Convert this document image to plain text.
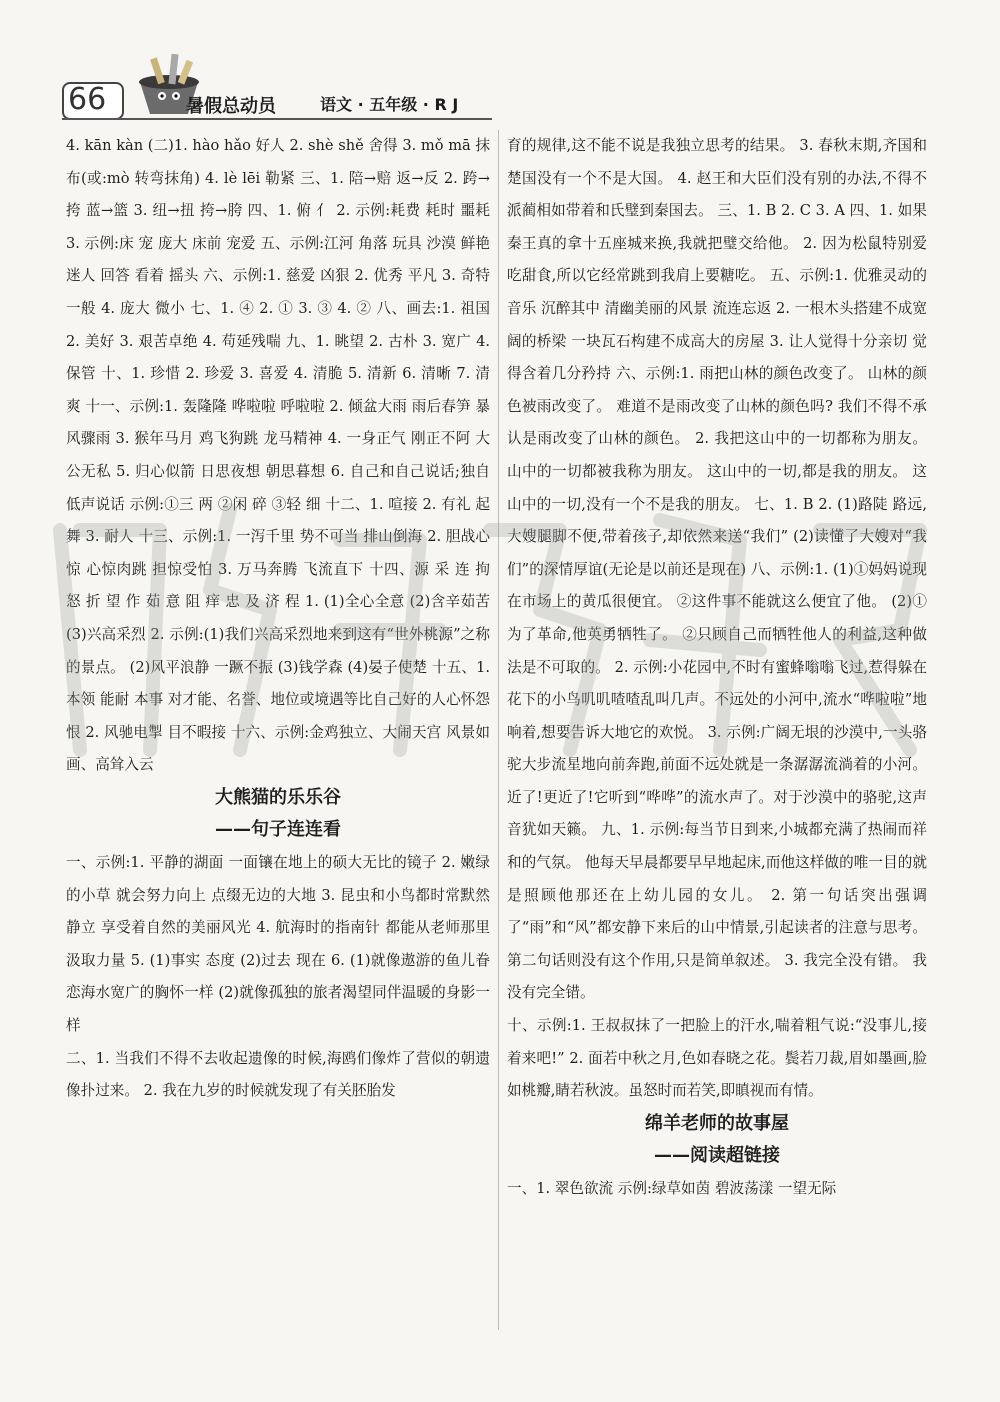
66	暑假总动员	语文 · 五年级 · R J

4. kān kàn (二)1. hào hǎo 好人 2. shè shě 舍得 3. mǒ mā 抹布(或:mò 转弯抹角) 4. lè lēi 勒紧 三、1. 陪→赔 返→反 2. 跨→挎 蓝→篮 3. 纽→扭 挎→胯 四、1. 俯 亻 2. 示例:耗费 耗时 噩耗 3. 示例:床 宠 庞大 床前 宠爱 五、示例:江河 角落 玩具 沙漠 鲜艳 迷人 回答 看着 摇头 六、示例:1. 慈爱 凶狠 2. 优秀 平凡 3. 奇特 一般 4. 庞大 微小 七、1. ④ 2. ① 3. ③ 4. ② 八、画去:1. 祖国 2. 美好 3. 艰苦卓绝 4. 苟延残喘 九、1. 眺望 2. 古朴 3. 宽广 4. 保管 十、1. 珍惜 2. 珍爱 3. 喜爱 4. 清脆 5. 清新 6. 清晰 7. 清爽 十一、示例:1. 轰隆隆 哗啦啦 呼啦啦 2. 倾盆大雨 雨后春笋 暴风骤雨 3. 猴年马月 鸡飞狗跳 龙马精神 4. 一身正气 刚正不阿 大公无私 5. 归心似箭 日思夜想 朝思暮想 6. 自己和自己说话;独自低声说话 示例:①三 两 ②闲 碎 ③轻 细 十二、1. 喧接 2. 有礼 起舞 3. 耐人 十三、示例:1. 一泻千里 势不可当 排山倒海 2. 胆战心惊 心惊肉跳 担惊受怕 3. 万马奔腾 飞流直下 十四、源 采 连 拘 怒 折 望 作 茹 意 阻 痒 忠 及 济 程 1. (1)全心全意 (2)含辛茹苦 (3)兴高采烈 2. 示例:(1)我们兴高采烈地来到这有“世外桃源”之称的景点。 (2)风平浪静 一蹶不振 (3)钱学森 (4)晏子使楚 十五、1. 本领 能耐 本事 对才能、名誉、地位或境遇等比自己好的人心怀怨恨 2. 风驰电掣 目不暇接 十六、示例:金鸡独立、大闹天宫 风景如画、高耸入云

大熊猫的乐乐谷
——句子连连看

一、示例:1. 平静的湖面 一面镶在地上的硕大无比的镜子 2. 嫩绿的小草 就会努力向上 点缀无边的大地 3. 昆虫和小鸟都时常默然静立 享受着自然的美丽风光 4. 航海时的指南针 都能从老师那里汲取力量 5. (1)事实 态度 (2)过去 现在 6. (1)就像遨游的鱼儿眷恋海水宽广的胸怀一样 (2)就像孤独的旅者渴望同伴温暖的身影一样

二、1. 当我们不得不去收起遗像的时候,海鸥们像炸了营似的朝遗像扑过来。 2. 我在九岁的时候就发现了有关胚胎发

育的规律,这不能不说是我独立思考的结果。 3. 春秋末期,齐国和楚国没有一个不是大国。 4. 赵王和大臣们没有别的办法,不得不派蔺相如带着和氏璧到秦国去。 三、1. B 2. C 3. A 四、1. 如果秦王真的拿十五座城来换,我就把璧交给他。 2. 因为松鼠特别爱吃甜食,所以它经常跳到我肩上要糖吃。 五、示例:1. 优雅灵动的音乐 沉醉其中 清幽美丽的风景 流连忘返 2. 一根木头搭建不成宽阔的桥梁 一块瓦石构建不成高大的房屋 3. 让人觉得十分亲切 觉得含着几分矜持 六、示例:1. 雨把山林的颜色改变了。 山林的颜色被雨改变了。 难道不是雨改变了山林的颜色吗? 我们不得不承认是雨改变了山林的颜色。 2. 我把这山中的一切都称为朋友。 山中的一切都被我称为朋友。 这山中的一切,都是我的朋友。 这山中的一切,没有一个不是我的朋友。 七、1. B 2. (1)路陡 路远,大嫂腿脚不便,带着孩子,却依然来送“我们” (2)读懂了大嫂对“我们”的深情厚谊(无论是以前还是现在) 八、示例:1. (1)①妈妈说现在市场上的黄瓜很便宜。 ②这件事不能就这么便宜了他。 (2)①为了革命,他英勇牺牲了。 ②只顾自己而牺牲他人的利益,这种做法是不可取的。 2. 示例:小花园中,不时有蜜蜂嗡嗡飞过,惹得躲在花下的小鸟叽叽喳喳乱叫几声。不远处的小河中,流水“哗啦啦”地响着,想要告诉大地它的欢悦。 3. 示例:广阔无垠的沙漠中,一头骆驼大步流星地向前奔跑,前面不远处就是一条潺潺流淌着的小河。近了!更近了!它听到“哗哗”的流水声了。对于沙漠中的骆驼,这声音犹如天籁。 九、1. 示例:每当节日到来,小城都充满了热闹而祥和的气氛。 他每天早晨都要早早地起床,而他这样做的唯一目的就是照顾他那还在上幼儿园的女儿。 2. 第一句话突出强调了“雨”和“风”都安静下来后的山中情景,引起读者的注意与思考。第二句话则没有这个作用,只是简单叙述。 3. 我完全没有错。 我没有完全错。

十、示例:1. 王叔叔抹了一把脸上的汗水,喘着粗气说:“没事儿,接着来吧!” 2. 面若中秋之月,色如春晓之花。鬓若刀裁,眉如墨画,脸如桃瓣,睛若秋波。虽怒时而若笑,即瞋视而有情。

绵羊老师的故事屋
——阅读超链接

一、1. 翠色欲流 示例:绿草如茵 碧波荡漾 一望无际
